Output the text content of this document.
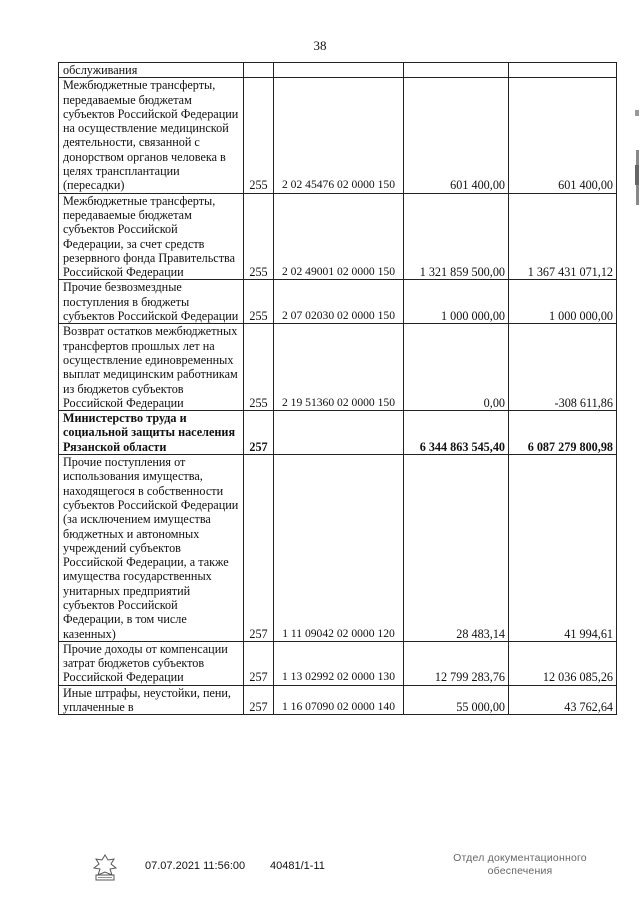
38
обслуживания				
Межбюджетные трансферты, передаваемые бюджетам субъектов Российской Федерации на осуществление медицинской деятельности, связанной с донорством органов человека в целях трансплантации (пересадки)	255	2 02 45476 02 0000 150	601 400,00	601 400,00
Межбюджетные трансферты, передаваемые бюджетам субъектов Российской Федерации, за счет средств резервного фонда Правительства Российской Федерации	255	2 02 49001 02 0000 150	1 321 859 500,00	1 367 431 071,12
Прочие безвозмездные поступления в бюджеты субъектов Российской Федерации	255	2 07 02030 02 0000 150	1 000 000,00	1 000 000,00
Возврат остатков межбюджетных трансфертов прошлых лет на осуществление единовременных выплат медицинским работникам из бюджетов субъектов Российской Федерации	255	2 19 51360 02 0000 150	0,00	-308 611,86
Министерство труда и социальной защиты населения Рязанской области	257		6 344 863 545,40	6 087 279 800,98
Прочие поступления от использования имущества, находящегося в собственности субъектов Российской Федерации (за исключением имущества бюджетных и автономных учреждений субъектов Российской Федерации, а также имущества государственных унитарных предприятий субъектов Российской Федерации, в том числе казенных)	257	1 11 09042 02 0000 120	28 483,14	41 994,61
Прочие доходы от компенсации затрат бюджетов субъектов Российской Федерации	257	1 13 02992 02 0000 130	12 799 283,76	12 036 085,26
Иные штрафы, неустойки, пени, уплаченные в	257	1 16 07090 02 0000 140	55 000,00	43 762,64
07.07.2021 11:56:00 40481/1-11
Отдел документационного
обеспечения
